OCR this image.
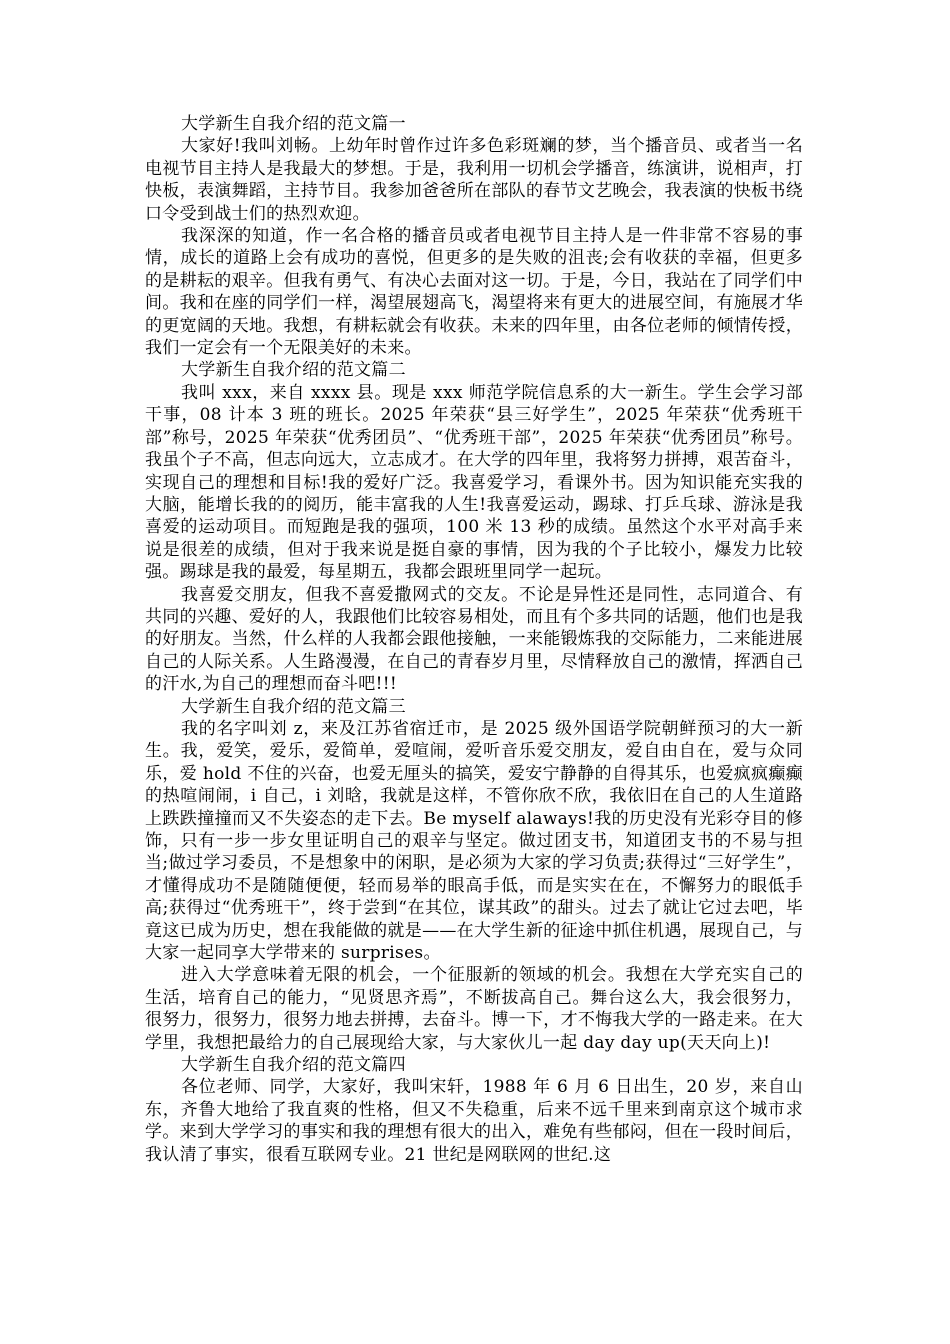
大学新生自我介绍的范文篇一

大家好!我叫刘畅。上幼年时曾作过许多色彩斑斓的梦，当个播音员、或者当一名电视节目主持人是我最大的梦想。于是，我利用一切机会学播音，练演讲，说相声，打快板，表演舞蹈，主持节目。我参加爸爸所在部队的春节文艺晚会，我表演的快板书绕口令受到战士们的热烈欢迎。

我深深的知道，作一名合格的播音员或者电视节目主持人是一件非常不容易的事情，成长的道路上会有成功的喜悦，但更多的是失败的沮丧;会有收获的幸福，但更多的是耕耘的艰辛。但我有勇气、有决心去面对这一切。于是，今日，我站在了同学们中间。我和在座的同学们一样，渴望展翅高飞，渴望将来有更大的进展空间，有施展才华的更宽阔的天地。我想，有耕耘就会有收获。未来的四年里，由各位老师的倾情传授，我们一定会有一个无限美好的未来。

大学新生自我介绍的范文篇二

我叫 xxx，来自 xxxx 县。现是 xxx 师范学院信息系的大一新生。学生会学习部干事，08 计本 3 班的班长。2025 年荣获“县三好学生”，2025 年荣获“优秀班干部”称号，2025 年荣获“优秀团员”、“优秀班干部”，2025 年荣获“优秀团员”称号。我虽个子不高，但志向远大，立志成才。在大学的四年里，我将努力拼搏，艰苦奋斗，实现自己的理想和目标!我的爱好广泛。我喜爱学习，看课外书。因为知识能充实我的大脑，能增长我的的阅历，能丰富我的人生!我喜爱运动，踢球、打乒乓球、游泳是我喜爱的运动项目。而短跑是我的强项，100 米 13 秒的成绩。虽然这个水平对高手来说是很差的成绩，但对于我来说是挺自豪的事情，因为我的个子比较小，爆发力比较强。踢球是我的最爱，每星期五，我都会跟班里同学一起玩。

我喜爱交朋友，但我不喜爱撒网式的交友。不论是异性还是同性，志同道合、有共同的兴趣、爱好的人，我跟他们比较容易相处，而且有个多共同的话题，他们也是我的好朋友。当然，什么样的人我都会跟他接触，一来能锻炼我的交际能力，二来能进展自己的人际关系。人生路漫漫，在自己的青春岁月里，尽情释放自己的激情，挥洒自己的汗水,为自己的理想而奋斗吧!!!

大学新生自我介绍的范文篇三

我的名字叫刘 z，来及江苏省宿迁市，是 2025 级外国语学院朝鲜预习的大一新生。我，爱笑，爱乐，爱简单，爱喧闹，爱听音乐爱交朋友，爱自由自在，爱与众同乐，爱 hold 不住的兴奋，也爱无厘头的搞笑，爱安宁静静的自得其乐，也爱疯疯癫癫的热喧闹闹，i 自己，i 刘晗，我就是这样，不管你欣不欣，我依旧在自己的人生道路上跌跌撞撞而又不失姿态的走下去。Be myself alaways!我的历史没有光彩夺目的修饰，只有一步一步女里证明自己的艰辛与坚定。做过团支书，知道团支书的不易与担当;做过学习委员，不是想象中的闲职，是必须为大家的学习负责;获得过“三好学生”，才懂得成功不是随随便便，轻而易举的眼高手低，而是实实在在，不懈努力的眼低手高;获得过“优秀班干”，终于尝到“在其位，谋其政”的甜头。过去了就让它过去吧，毕竟这已成为历史，想在我能做的就是——在大学生新的征途中抓住机遇，展现自己，与大家一起同享大学带来的 surprises。

进入大学意味着无限的机会，一个征服新的领域的机会。我想在大学充实自己的生活，培育自己的能力，“见贤思齐焉”，不断拔高自己。舞台这么大，我会很努力，很努力，很努力，很努力地去拼搏，去奋斗。博一下，才不悔我大学的一路走来。在大学里，我想把最给力的自己展现给大家，与大家伙儿一起 day day up(天天向上)!

大学新生自我介绍的范文篇四

各位老师、同学，大家好，我叫宋轩，1988 年 6 月 6 日出生，20 岁，来自山东，齐鲁大地给了我直爽的性格，但又不失稳重，后来不远千里来到南京这个城市求学。来到大学学习的事实和我的理想有很大的出入，难免有些郁闷，但在一段时间后，我认清了事实，很看互联网专业。21 世纪是网联网的世纪.这
